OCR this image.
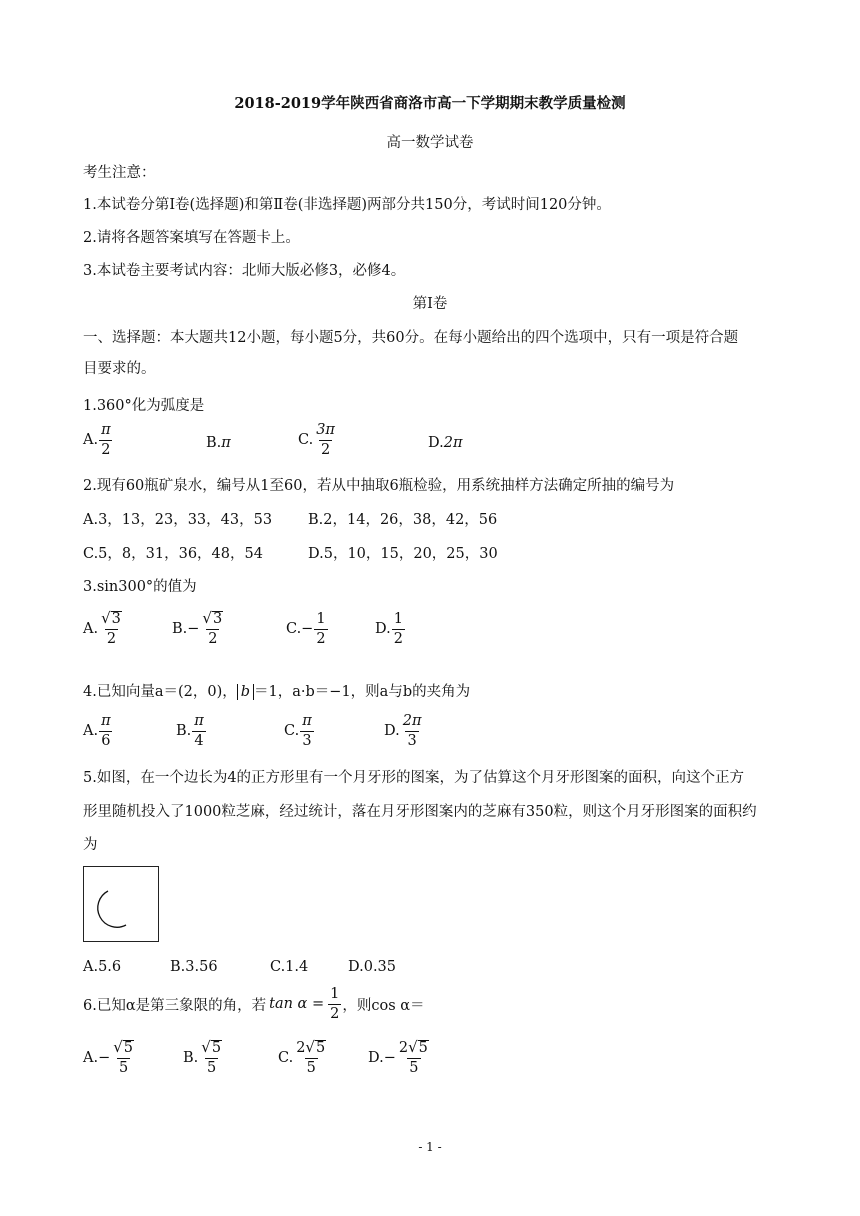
2018-2019学年陕西省商洛市高一下学期期末教学质量检测
高一数学试卷
考生注意：
1.本试卷分第Ⅰ卷(选择题)和第Ⅱ卷(非选择题)两部分共150分，考试时间120分钟。
2.请将各题答案填写在答题卡上。
3.本试卷主要考试内容：北师大版必修3，必修4。
第Ⅰ卷
一、选择题：本大题共12小题，每小题5分，共60分。在每小题给出的四个选项中，只有一项是符合题
目要求的。
1.360°化为弧度是
A. $\frac{\pi}{2}$	B.π	C. $\frac{3\pi}{2}$	D.2π
2.现有60瓶矿泉水，编号从1至60，若从中抽取6瓶检验，用系统抽样方法确定所抽的编号为
A.3，13，23，33，43，53 B.2，14，26，38，42，56
C.5，8，31，36，48，54	D.5，10，15，20，25，30
3.sin300°的值为
A. $\frac{√ 3}{2}$	$B.- \frac{√ 3}{2}$	$C.- \frac{1}{2}$	D. $\frac{1}{2}$
4.已知向量a＝(2，0)， b ＝1，a·b＝−1，则a与b的夹角为
A. $\frac{\pi}{6}$	B. $\frac{\pi}{4}$	C. $\frac{\pi}{3}$	D. $\frac{2\pi}{3}$
5.如图，在一个边长为4的正方形里有一个月牙形的图案，为了估算这个月牙形图案的面积，向这个正方
形里随机投入了1000粒芝麻，经过统计，落在月牙形图案内的芝麻有350粒，则这个月牙形图案的面积约
为
A.5.6	B.3.56	C.1.4	D.0.35
6.已知α是第三象限的角，若 $\tan \alpha = \frac{1}{2}$ ，则cos α＝
$A.- \frac{√ 5}{5}$	B. $\frac{√ 5}{5}$	C. $\frac{2 √ 5}{5}$	$D.- \frac{2 √ 5}{5}$
- 1 -
